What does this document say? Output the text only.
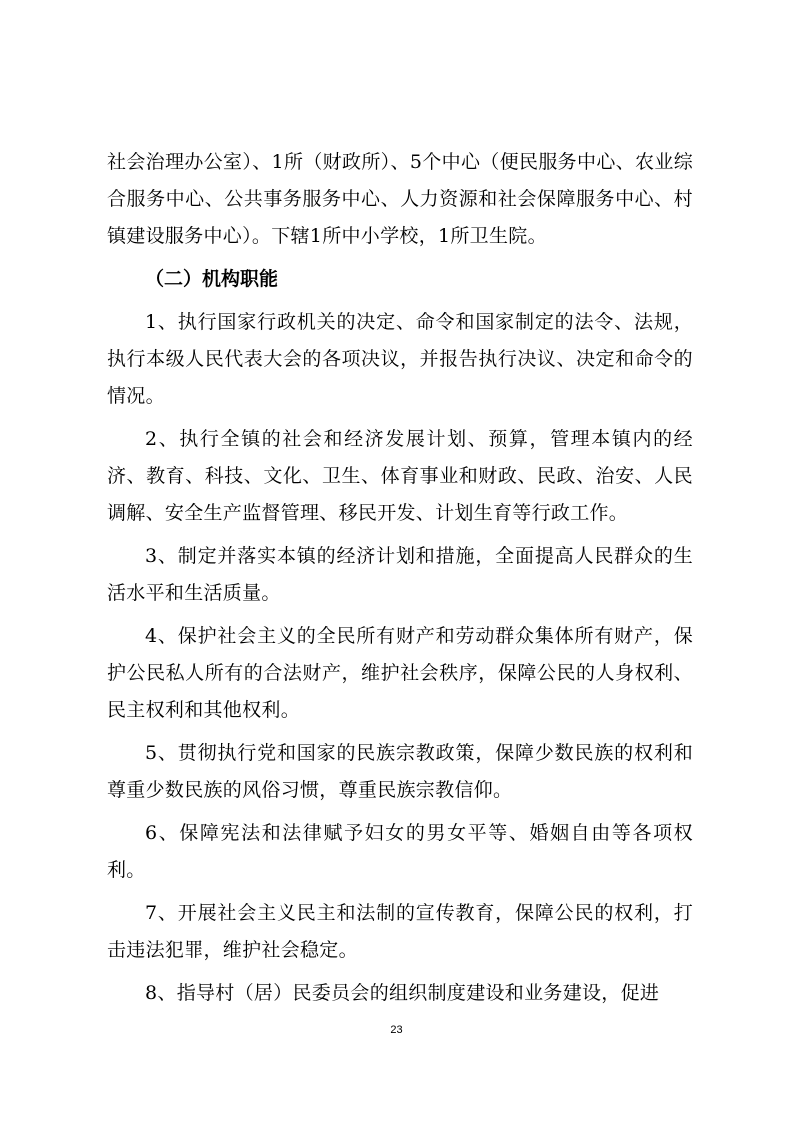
社会治理办公室）、1所（财政所）、5个中心（便民服务中心、农业综合服务中心、公共事务服务中心、人力资源和社会保障服务中心、村镇建设服务中心）。下辖1所中小学校，1所卫生院。

（二）机构职能

1、执行国家行政机关的决定、命令和国家制定的法令、法规，执行本级人民代表大会的各项决议，并报告执行决议、决定和命令的情况。

2、执行全镇的社会和经济发展计划、预算，管理本镇内的经济、教育、科技、文化、卫生、体育事业和财政、民政、治安、人民调解、安全生产监督管理、移民开发、计划生育等行政工作。

3、制定并落实本镇的经济计划和措施，全面提高人民群众的生活水平和生活质量。

4、保护社会主义的全民所有财产和劳动群众集体所有财产，保护公民私人所有的合法财产，维护社会秩序，保障公民的人身权利、民主权利和其他权利。

5、贯彻执行党和国家的民族宗教政策，保障少数民族的权利和尊重少数民族的风俗习惯，尊重民族宗教信仰。

6、保障宪法和法律赋予妇女的男女平等、婚姻自由等各项权利。

7、开展社会主义民主和法制的宣传教育，保障公民的权利，打击违法犯罪，维护社会稳定。

8、指导村（居）民委员会的组织制度建设和业务建设，促进

23
